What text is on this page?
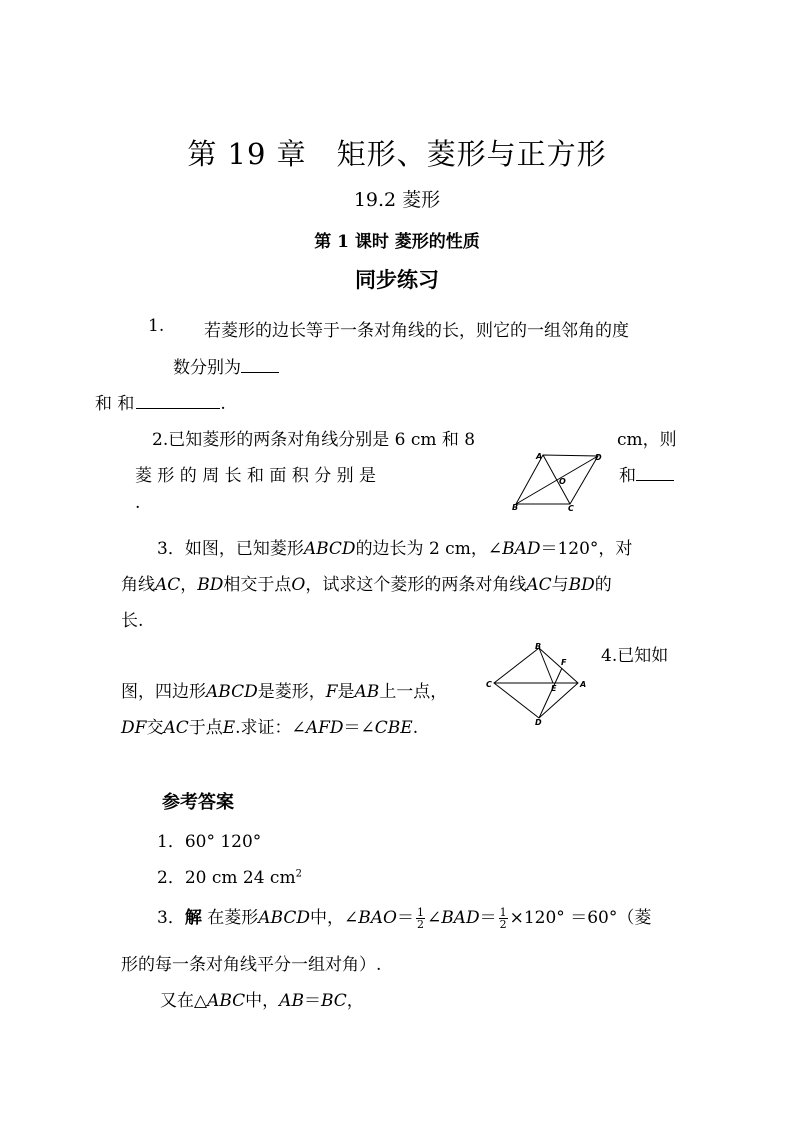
第 19 章　矩形、菱形与正方形
19.2 菱形
第 1 课时 菱形的性质
同步练习
1. 若菱形的边长等于一条对角线的长，则它的一组邻角的度
数分别为
和 和	.
2.已知菱形的两条对角线分别是 6 cm 和 8	cm，则
菱 形 的 周 长 和 面 积 分 别 是	和
.
A	D
O
B	C
3．如图，已知菱形ABCD的边长为 2 cm，∠BAD＝120°，对
角线AC，BD相交于点O，试求这个菱形的两条对角线AC与BD的
长.
4.已知如
图，四边形ABCD是菱形，F是AB上一点，
DF交AC于点E.求证：∠AFD＝∠CBE.
B
F
C	E	A
D
参考答案
1．60° 120°
2．20 cm 24 $cm^2$
3．解 在菱形ABCD中，∠BAO＝ $\frac{1}{2}$ ∠BAD＝ $\frac{1}{2} \times 120^\circ =60^\circ$（菱
形的每一条对角线平分一组对角）.
又在△ABC中，AB＝BC，
